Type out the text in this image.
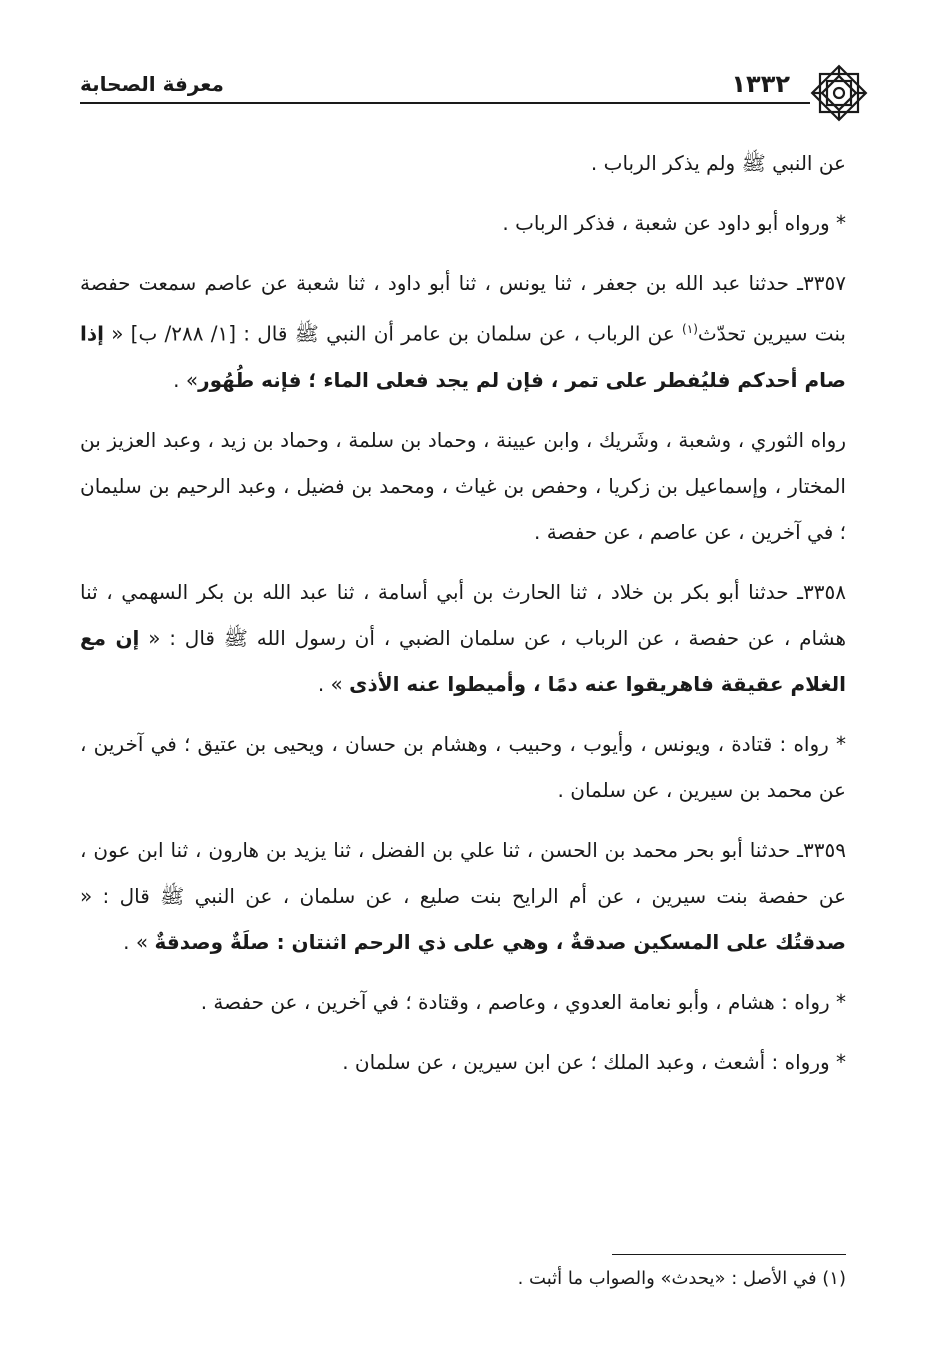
١٣٣٢
معرفة الصحابة

عن النبي ﷺ ولم يذكر الرباب .

* ورواه أبو داود عن شعبة ، فذكر الرباب .

٣٣٥٧ـ حدثنا عبد الله بن جعفر ، ثنا يونس ، ثنا أبو داود ، ثنا شعبة عن عاصم سمعت حفصة بنت سيرين تحدّث$^{(١)}$ عن الرباب ، عن سلمان بن عامر أن النبي ﷺ قال : [١/ ٢٨٨/ ب] « إذا صام أحدكم فليُفطر على تمر ، فإن لم يجد فعلى الماء ؛ فإنه طُهُور» .

رواه الثوري ، وشعبة ، وشَريك ، وابن عيينة ، وحماد بن سلمة ، وحماد بن زيد ، وعبد العزيز بن المختار ، وإسماعيل بن زكريا ، وحفص بن غياث ، ومحمد بن فضيل ، وعبد الرحيم بن سليمان ؛ في آخرين ، عن عاصم ، عن حفصة .

٣٣٥٨ـ حدثنا أبو بكر بن خلاد ، ثنا الحارث بن أبي أسامة ، ثنا عبد الله بن بكر السهمي ، ثنا هشام ، عن حفصة ، عن الرباب ، عن سلمان الضبي ، أن رسول الله ﷺ قال : « إن مع الغلام عقيقة فاهريقوا عنه دمًا ، وأميطوا عنه الأذى » .

* رواه : قتادة ، ويونس ، وأيوب ، وحبيب ، وهشام بن حسان ، ويحيى بن عتيق ؛ في آخرين ، عن محمد بن سيرين ، عن سلمان .

٣٣٥٩ـ حدثنا أبو بحر محمد بن الحسن ، ثنا علي بن الفضل ، ثنا يزيد بن هارون ، ثنا ابن عون ، عن حفصة بنت سيرين ، عن أم الرايح بنت صليع ، عن سلمان ، عن النبي ﷺ قال : « صدقتُك على المسكين صدقةٌ ، وهي على ذي الرحم اثنتان : صلَةٌ وصدقةٌ » .

* رواه : هشام ، وأبو نعامة العدوي ، وعاصم ، وقتادة ؛ في آخرين ، عن حفصة .

* ورواه : أشعث ، وعبد الملك ؛ عن ابن سيرين ، عن سلمان .

(١) في الأصل : «يحدث» والصواب ما أثبت .
